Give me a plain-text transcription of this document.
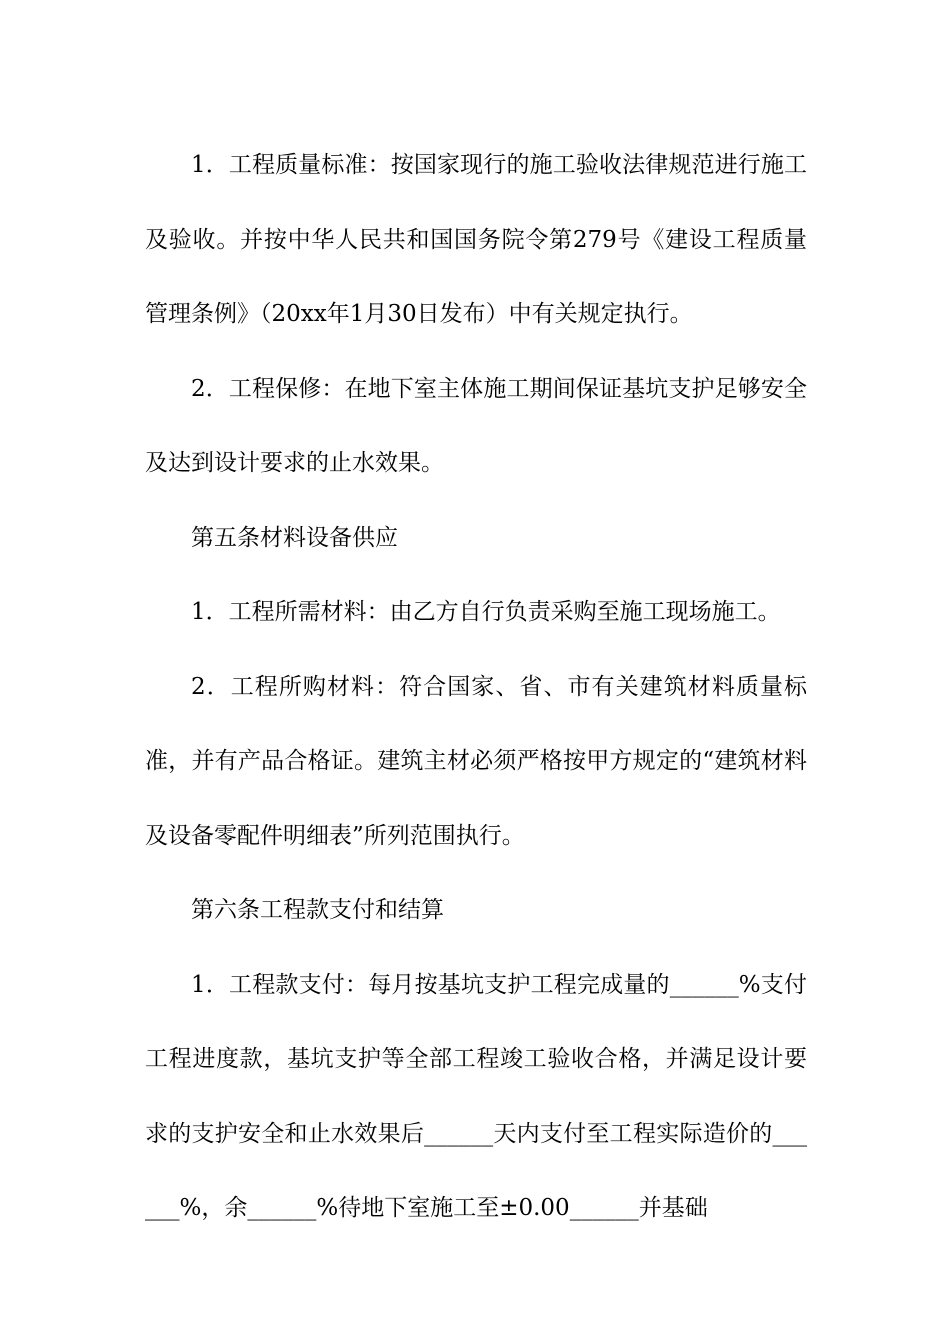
1．工程质量标准：按国家现行的施工验收法律规范进行施工及验收。并按中华人民共和国国务院令第279号《建设工程质量管理条例》（20xx年1月30日发布）中有关规定执行。

2．工程保修：在地下室主体施工期间保证基坑支护足够安全及达到设计要求的止水效果。

第五条材料设备供应

1．工程所需材料：由乙方自行负责采购至施工现场施工。

2．工程所购材料：符合国家、省、市有关建筑材料质量标准，并有产品合格证。建筑主材必须严格按甲方规定的“建筑材料及设备零配件明细表”所列范围执行。

第六条工程款支付和结算

1．工程款支付：每月按基坑支护工程完成量的______%支付工程进度款，基坑支护等全部工程竣工验收合格，并满足设计要求的支护安全和止水效果后______天内支付至工程实际造价的______%，余______%待地下室施工至±0.00______并基础
